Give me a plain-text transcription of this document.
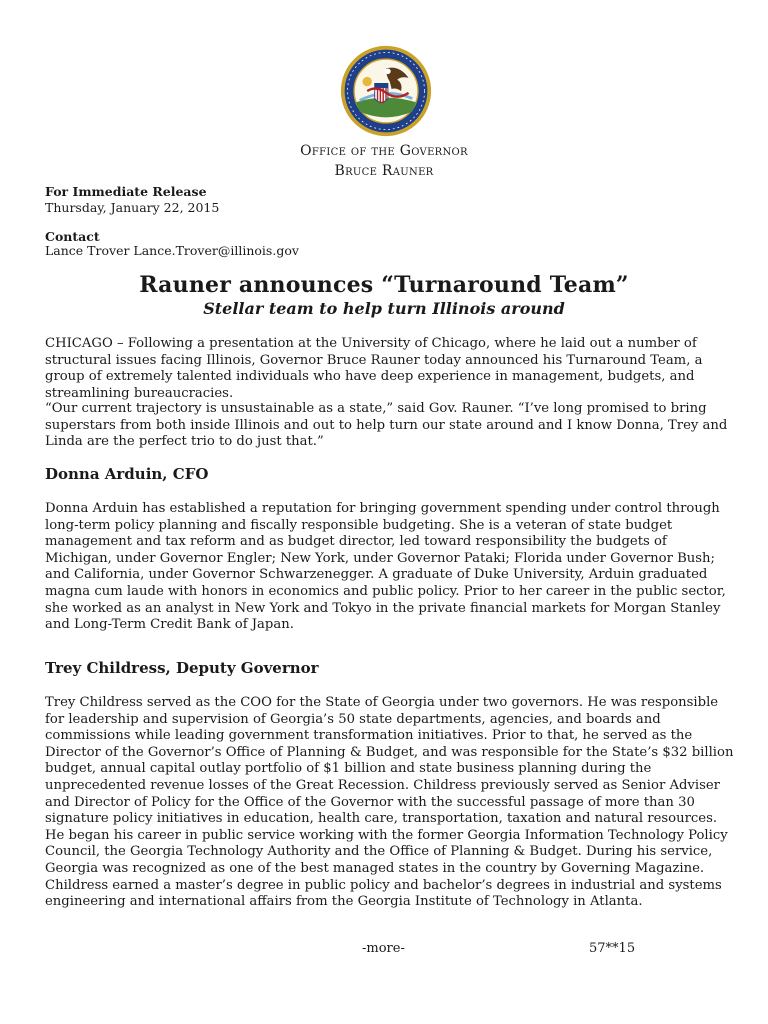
Office of the Governor
Bruce Rauner
For Immediate Release
Thursday, January 22, 2015
Contact
Lance Trover Lance.Trover@illinois.gov
Rauner announces “Turnaround Team”
Stellar team to help turn Illinois around

CHICAGO – Following a presentation at the University of Chicago, where he laid out a number of structural issues facing Illinois, Governor Bruce Rauner today announced his Turnaround Team, a group of extremely talented individuals who have deep experience in management, budgets, and streamlining bureaucracies.

“Our current trajectory is unsustainable as a state,” said Gov. Rauner. “I’ve long promised to bring superstars from both inside Illinois and out to help turn our state around and I know Donna, Trey and Linda are the perfect trio to do just that.”

Donna Arduin, CFO

Donna Arduin has established a reputation for bringing government spending under control through long-term policy planning and fiscally responsible budgeting. She is a veteran of state budget management and tax reform and as budget director, led toward responsibility the budgets of Michigan, under Governor Engler; New York, under Governor Pataki; Florida under Governor Bush; and California, under Governor Schwarzenegger. A graduate of Duke University, Arduin graduated magna cum laude with honors in economics and public policy. Prior to her career in the public sector, she worked as an analyst in New York and Tokyo in the private financial markets for Morgan Stanley and Long-Term Credit Bank of Japan.

Trey Childress, Deputy Governor

Trey Childress served as the COO for the State of Georgia under two governors. He was responsible for leadership and supervision of Georgia’s 50 state departments, agencies, and boards and commissions while leading government transformation initiatives. Prior to that, he served as the Director of the Governor’s Office of Planning & Budget, and was responsible for the State’s $32 billion budget, annual capital outlay portfolio of $1 billion and state business planning during the unprecedented revenue losses of the Great Recession. Childress previously served as Senior Adviser and Director of Policy for the Office of the Governor with the successful passage of more than 30 signature policy initiatives in education, health care, transportation, taxation and natural resources. He began his career in public service working with the former Georgia Information Technology Policy Council, the Georgia Technology Authority and the Office of Planning & Budget. During his service, Georgia was recognized as one of the best managed states in the country by Governing Magazine. Childress earned a master’s degree in public policy and bachelor’s degrees in industrial and systems engineering and international affairs from the Georgia Institute of Technology in Atlanta.

-more-	57**15
